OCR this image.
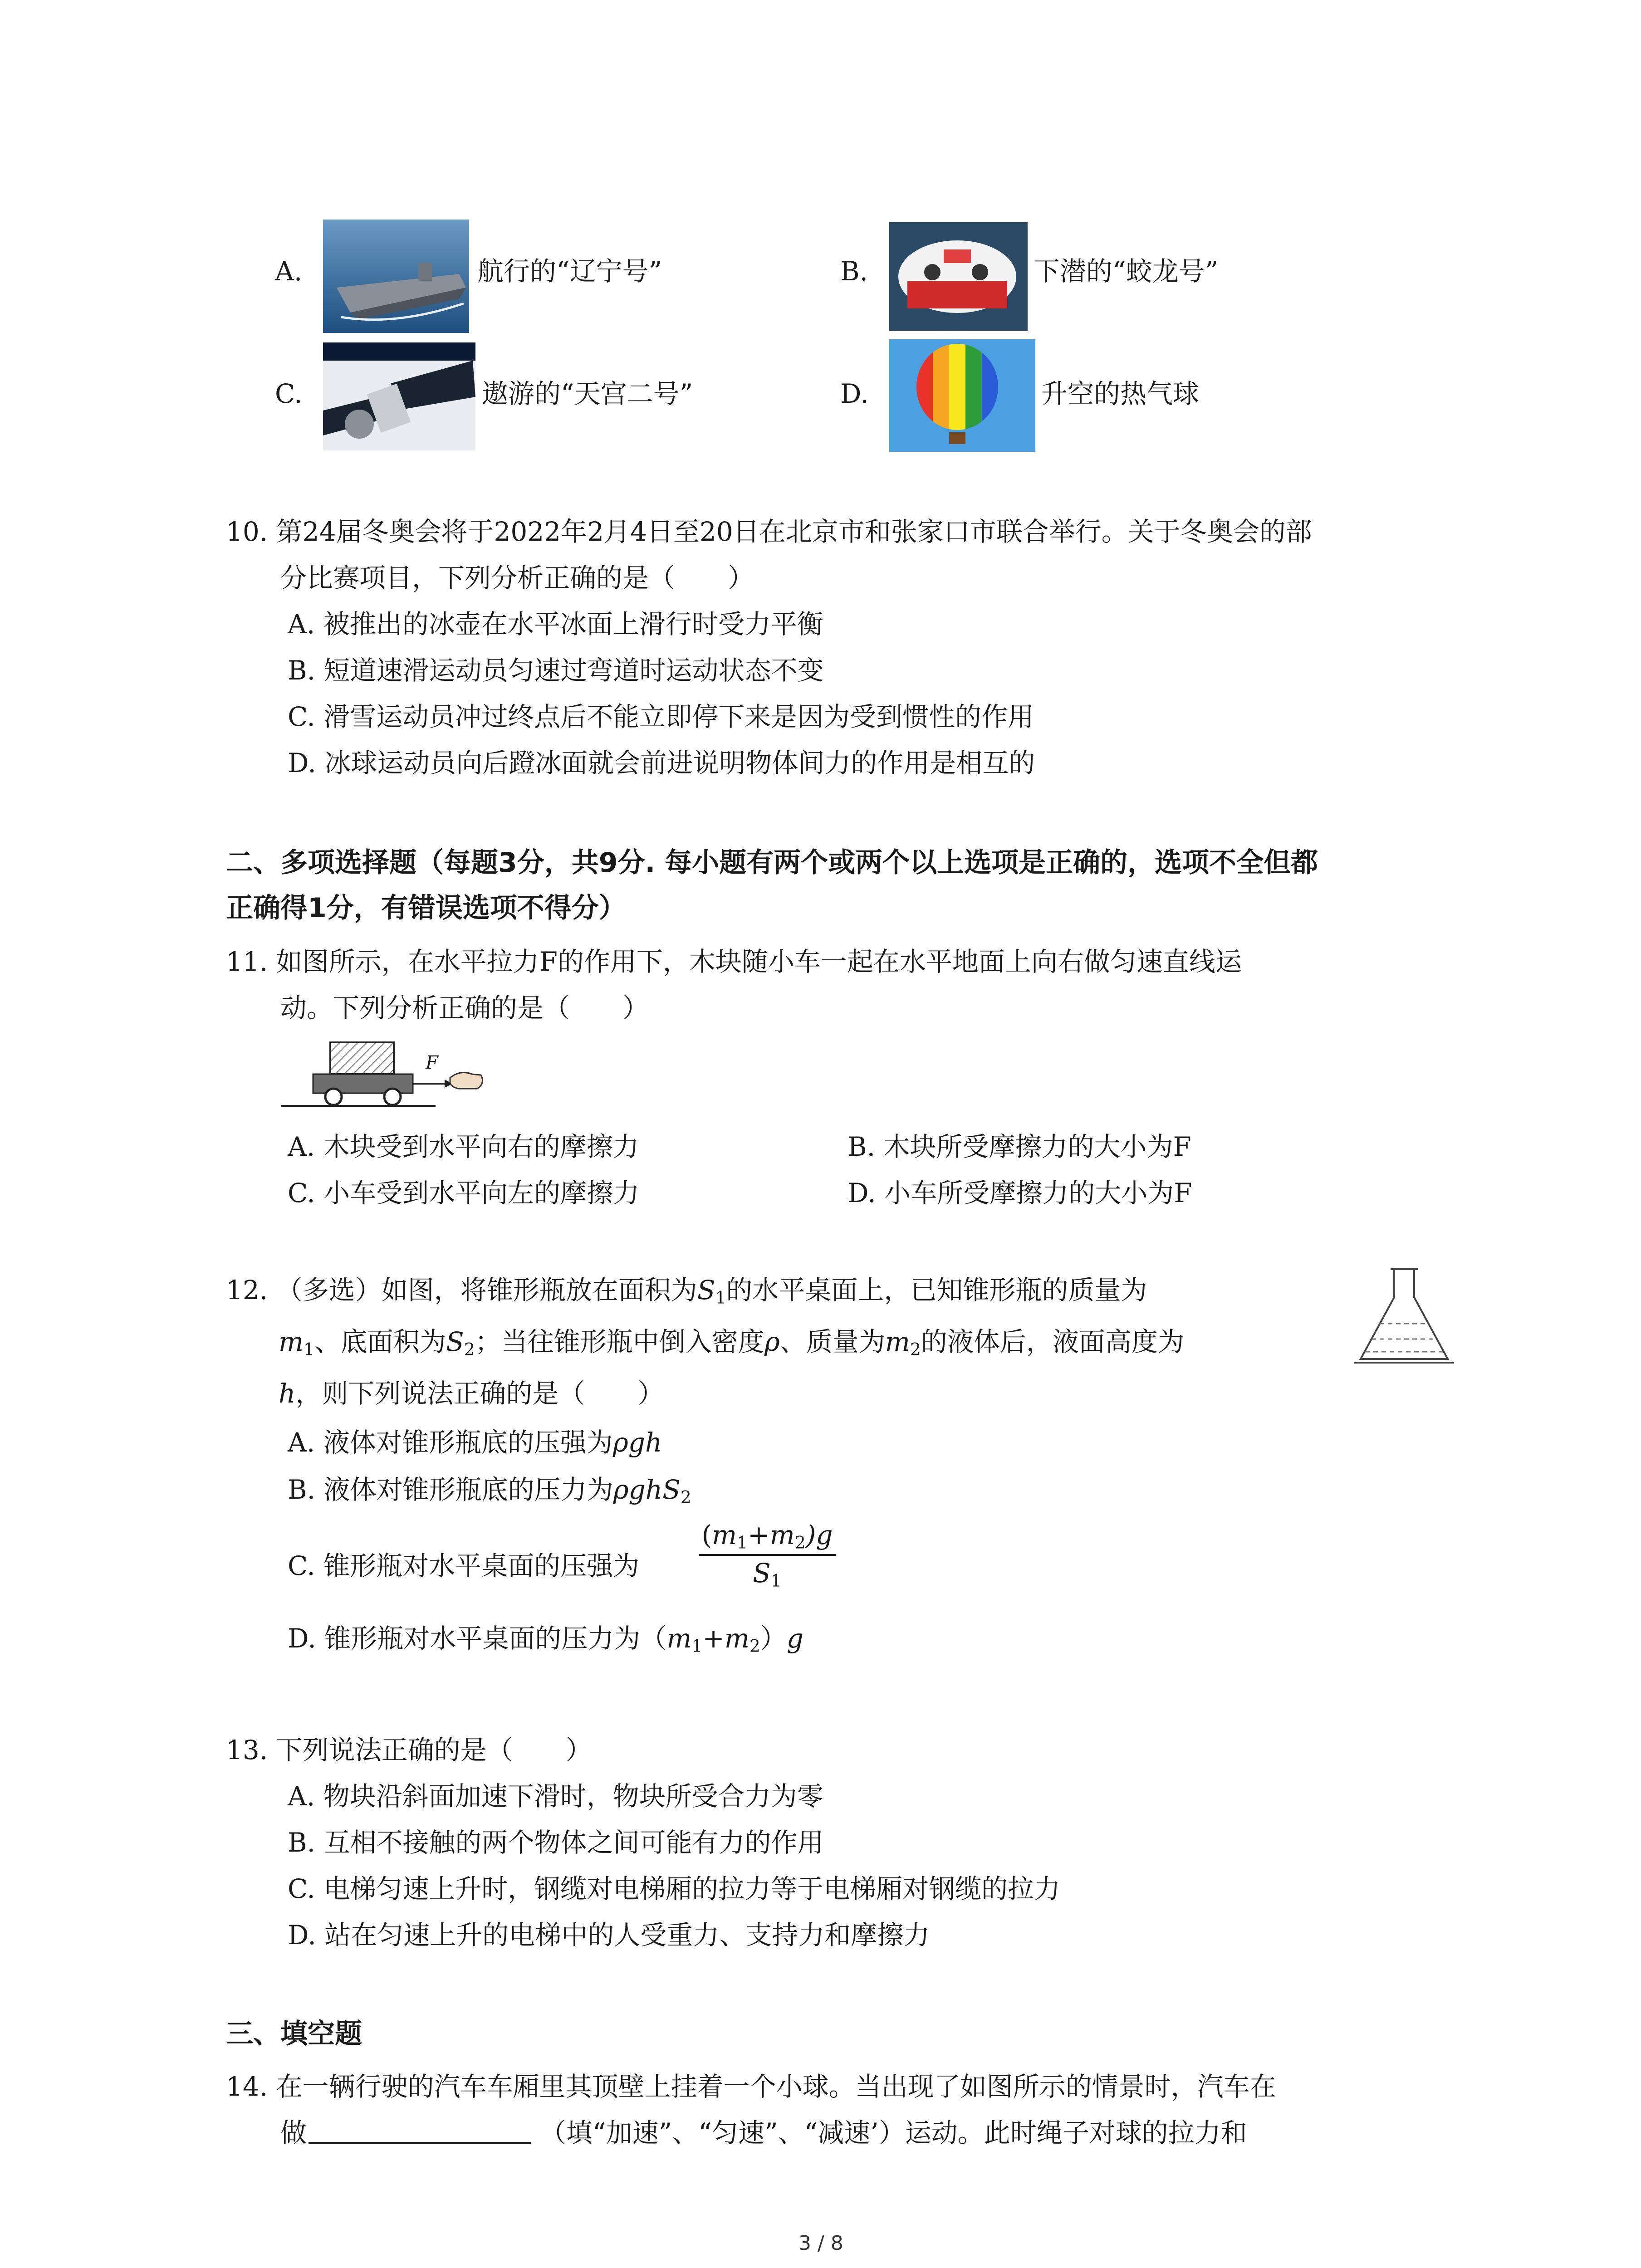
A.	航行的“辽宁号”	B.	下潜的“蛟龙号”
C.	遨游的“天宫二号”	D.	升空的热气球
10. 第24届冬奥会将于2022年2月4日至20日在北京市和张家口市联合举行。关于冬奥会的部
分比赛项目，下列分析正确的是（　　）
A. 被推出的冰壶在水平冰面上滑行时受力平衡
B. 短道速滑运动员匀速过弯道时运动状态不变
C. 滑雪运动员冲过终点后不能立即停下来是因为受到惯性的作用
D. 冰球运动员向后蹬冰面就会前进说明物体间力的作用是相互的
二、多项选择题（每题3分，共9分. 每小题有两个或两个以上选项是正确的，选项不全但都
正确得1分，有错误选项不得分）
11. 如图所示，在水平拉力F的作用下，木块随小车一起在水平地面上向右做匀速直线运
动。下列分析正确的是（　　）
F
A. 木块受到水平向右的摩擦力	B. 木块所受摩擦力的大小为F
C. 小车受到水平向左的摩擦力	D. 小车所受摩擦力的大小为F
12. （多选）如图，将锥形瓶放在面积为$S_1$的水平桌面上，已知锥形瓶的质量为
$m_1$、底面积为$S_2$；当往锥形瓶中倒入密度ρ、质量为$m_2$的液体后，液面高度为
h，则下列说法正确的是（　　）
A. 液体对锥形瓶底的压强为ρgh
B. 液体对锥形瓶底的压力为ρghS$_2$
C. 锥形瓶对水平桌面的压强为 $\frac{(m_1+m_2)g}{S_1}$
D. 锥形瓶对水平桌面的压力为$(m_1+m_2)g$
13. 下列说法正确的是（　　）
A. 物块沿斜面加速下滑时，物块所受合力为零
B. 互相不接触的两个物体之间可能有力的作用
C. 电梯匀速上升时，钢缆对电梯厢的拉力等于电梯厢对钢缆的拉力
D. 站在匀速上升的电梯中的人受重力、支持力和摩擦力
三、填空题
14. 在一辆行驶的汽车车厢里其顶壁上挂着一个小球。当出现了如图所示的情景时，汽车在
做	（填“加速”、“匀速”、“减速’）运动。此时绳子对球的拉力和
3 / 8
